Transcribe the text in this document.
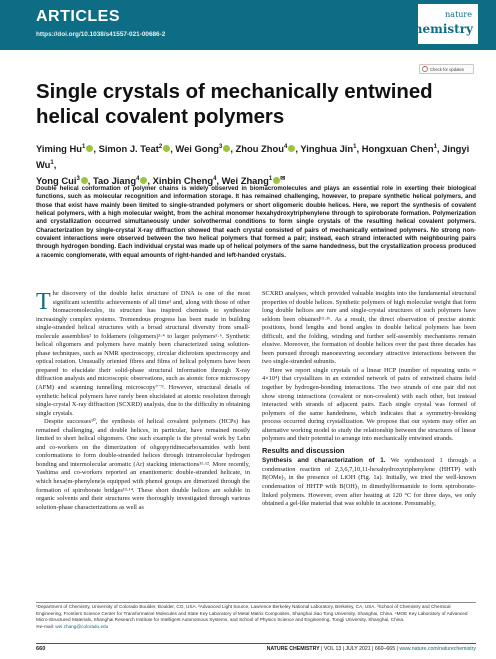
ARTICLES
https://doi.org/10.1038/s41557-021-00686-2
nature
chemistry
Check for updates
Single crystals of mechanically entwined helical covalent polymers
Yiming Hu$^1$ , Simon J. Teat$^2$ , Wei Gong$^3$ , Zhou Zhou$^4$ , Yinghua Jin$^1$, Hongxuan Chen$^1$, Jingyi Wu$^1$,
Yong Cui$^3$ , Tao Jiang$^4$ , Xinbin Cheng$^4$, Wei Zhang$^1$ ✉
Double helical conformation of polymer chains is widely observed in biomacromolecules and plays an essential role in exerting their biological functions, such as molecular recognition and information storage. It has remained challenging, however, to prepare synthetic helical polymers, and those that exist have mainly been limited to single-stranded polymers or short oligomeric double helices. Here, we report the synthesis of covalent helical polymers, with a high molecular weight, from the achiral monomer hexahydroxytriphenylene through to spiroborate formation. Polymerization and crystallization occurred simultaneously under solvothermal conditions to form single crystals of the resulting helical covalent polymers. Characterization by single-crystal X-ray diffraction showed that each crystal consisted of pairs of mechanically entwined polymers. No strong non-covalent interactions were observed between the two helical polymers that formed a pair; instead, each strand interacted with neighbouring pairs through hydrogen bonding. Each individual crystal was made up of helical polymers of the same handedness, but the crystallization process produced a racemic conglomerate, with equal amounts of right-handed and left-handed crystals.

The discovery of the double helix structure of DNA is one of the most significant scientific achievements of all time¹ and, along with those of other biomacromolecules, its structure has inspired chemists to synthesize increasingly complex systems. Tremendous progress has been made in building single-stranded helical structures with a broad structural diversity from small-molecule assemblies² to foldamers (oligomers)³·⁴ to larger polymers⁵·⁶. Synthetic helical oligomers and polymers have mainly been characterized using solution-phase techniques, such as NMR spectroscopy, circular dichroism spectroscopy and optical rotation. Unusually oriented fibres and films of helical polymers have been prepared to elucidate their solid-phase structural information through X-ray diffraction analysis and microscopic observations, such as atomic force microscopy (AFM) and scanning tunnelling microscopy⁷⁻⁹. However, structural details of synthetic helical polymers have rarely been elucidated at atomic resolution through single-crystal X-ray diffraction (SCXRD) analysis, due to the difficulty in obtaining single crystals.

Despite successes¹⁰, the synthesis of helical covalent polymers (HCPs) has remained challenging, and double helices, in particular, have remained mostly limited to short helical oligomers. One such example is the pivotal work by Lehn and co-workers on the dimerization of oligopyridinecarboxamides with bent conformations to form double-stranded helices through intramolecular hydrogen bonding and intermolecular aromatic (Ar) stacking interactions¹¹·¹². More recently, Yashima and co-workers reported an enantiomeric double-stranded helicate, in which hexa(m-phenylene)s equipped with phenol groups are dimerized through the formation of spiroborate bridges¹³·¹⁴. These short double helices are soluble in organic solvents and their structures were thoroughly investigated through various solution-phase characterizations as well as

SCXRD analyses, which provided valuable insights into the fundamental structural properties of double helices. Synthetic polymers of high molecular weight that form long double helices are rare and single-crystal structures of such polymers have seldom been obtained¹⁵·¹⁶. As a result, the direct observation of precise atomic positions, bond lengths and bond angles in double helical polymers has been difficult, and the folding, winding and further self-assembly mechanisms remain elusive. Moreover, the formation of double helices over the past three decades has been pursued through manoeuvring secondary attractive interactions between the two single-stranded subunits.

Here we report single crystals of a linear HCP (number of repeating units ≈ 4×10⁴) that crystallizes in an extended network of pairs of entwined chains held together by hydrogen-bonding interactions. The two strands of one pair did not show strong interactions (covalent or non-covalent) with each other, but instead interacted with strands of adjacent pairs. Each single crystal was formed of polymers of the same handedness, which indicates that a symmetry-breaking process occurred during crystallization. We propose that our system may offer an alternative working model to study the relationship between the structures of linear polymers and their potential to arrange into mechanically entwined strands.

Results and discussion

Synthesis and characterization of 1. We synthesized 1 through a condensation reaction of 2,3,6,7,10,11-hexahydroxytriphenylene (HHTP) with B(OMe)₃ in the presence of LiOH (Fig. 1a). Initially, we tried the well-known condensation of HHTP with B(OH)₃ in dimethylformamide to form spiroborate-linked polymers. However, even after heating at 120 °C for three days, we only obtained a gel-like material that was soluble in acetone. Presumably,

¹Department of Chemistry, University of Colorado Boulder, Boulder, CO, USA. ²Advanced Light Source, Lawrence Berkeley National Laboratory, Berkeley, CA, USA. ³School of Chemistry and Chemical Engineering, Frontiers Science Center for Transformative Molecules and State Key Laboratory of Metal Matrix Composites, Shanghai Jiao Tong University, Shanghai, China. ⁴MOE Key Laboratory of Advanced Micro-Structured Materials, Shanghai Research Institute for Intelligent Autonomous Systems, and School of Physics Science and Engineering, Tongji University, Shanghai, China.
✉e-mail: wei.zhang@colorado.edu
660	NATURE CHEMISTRY | VOL 13 | JULY 2021 | 660–665 | www.nature.com/naturechemistry
